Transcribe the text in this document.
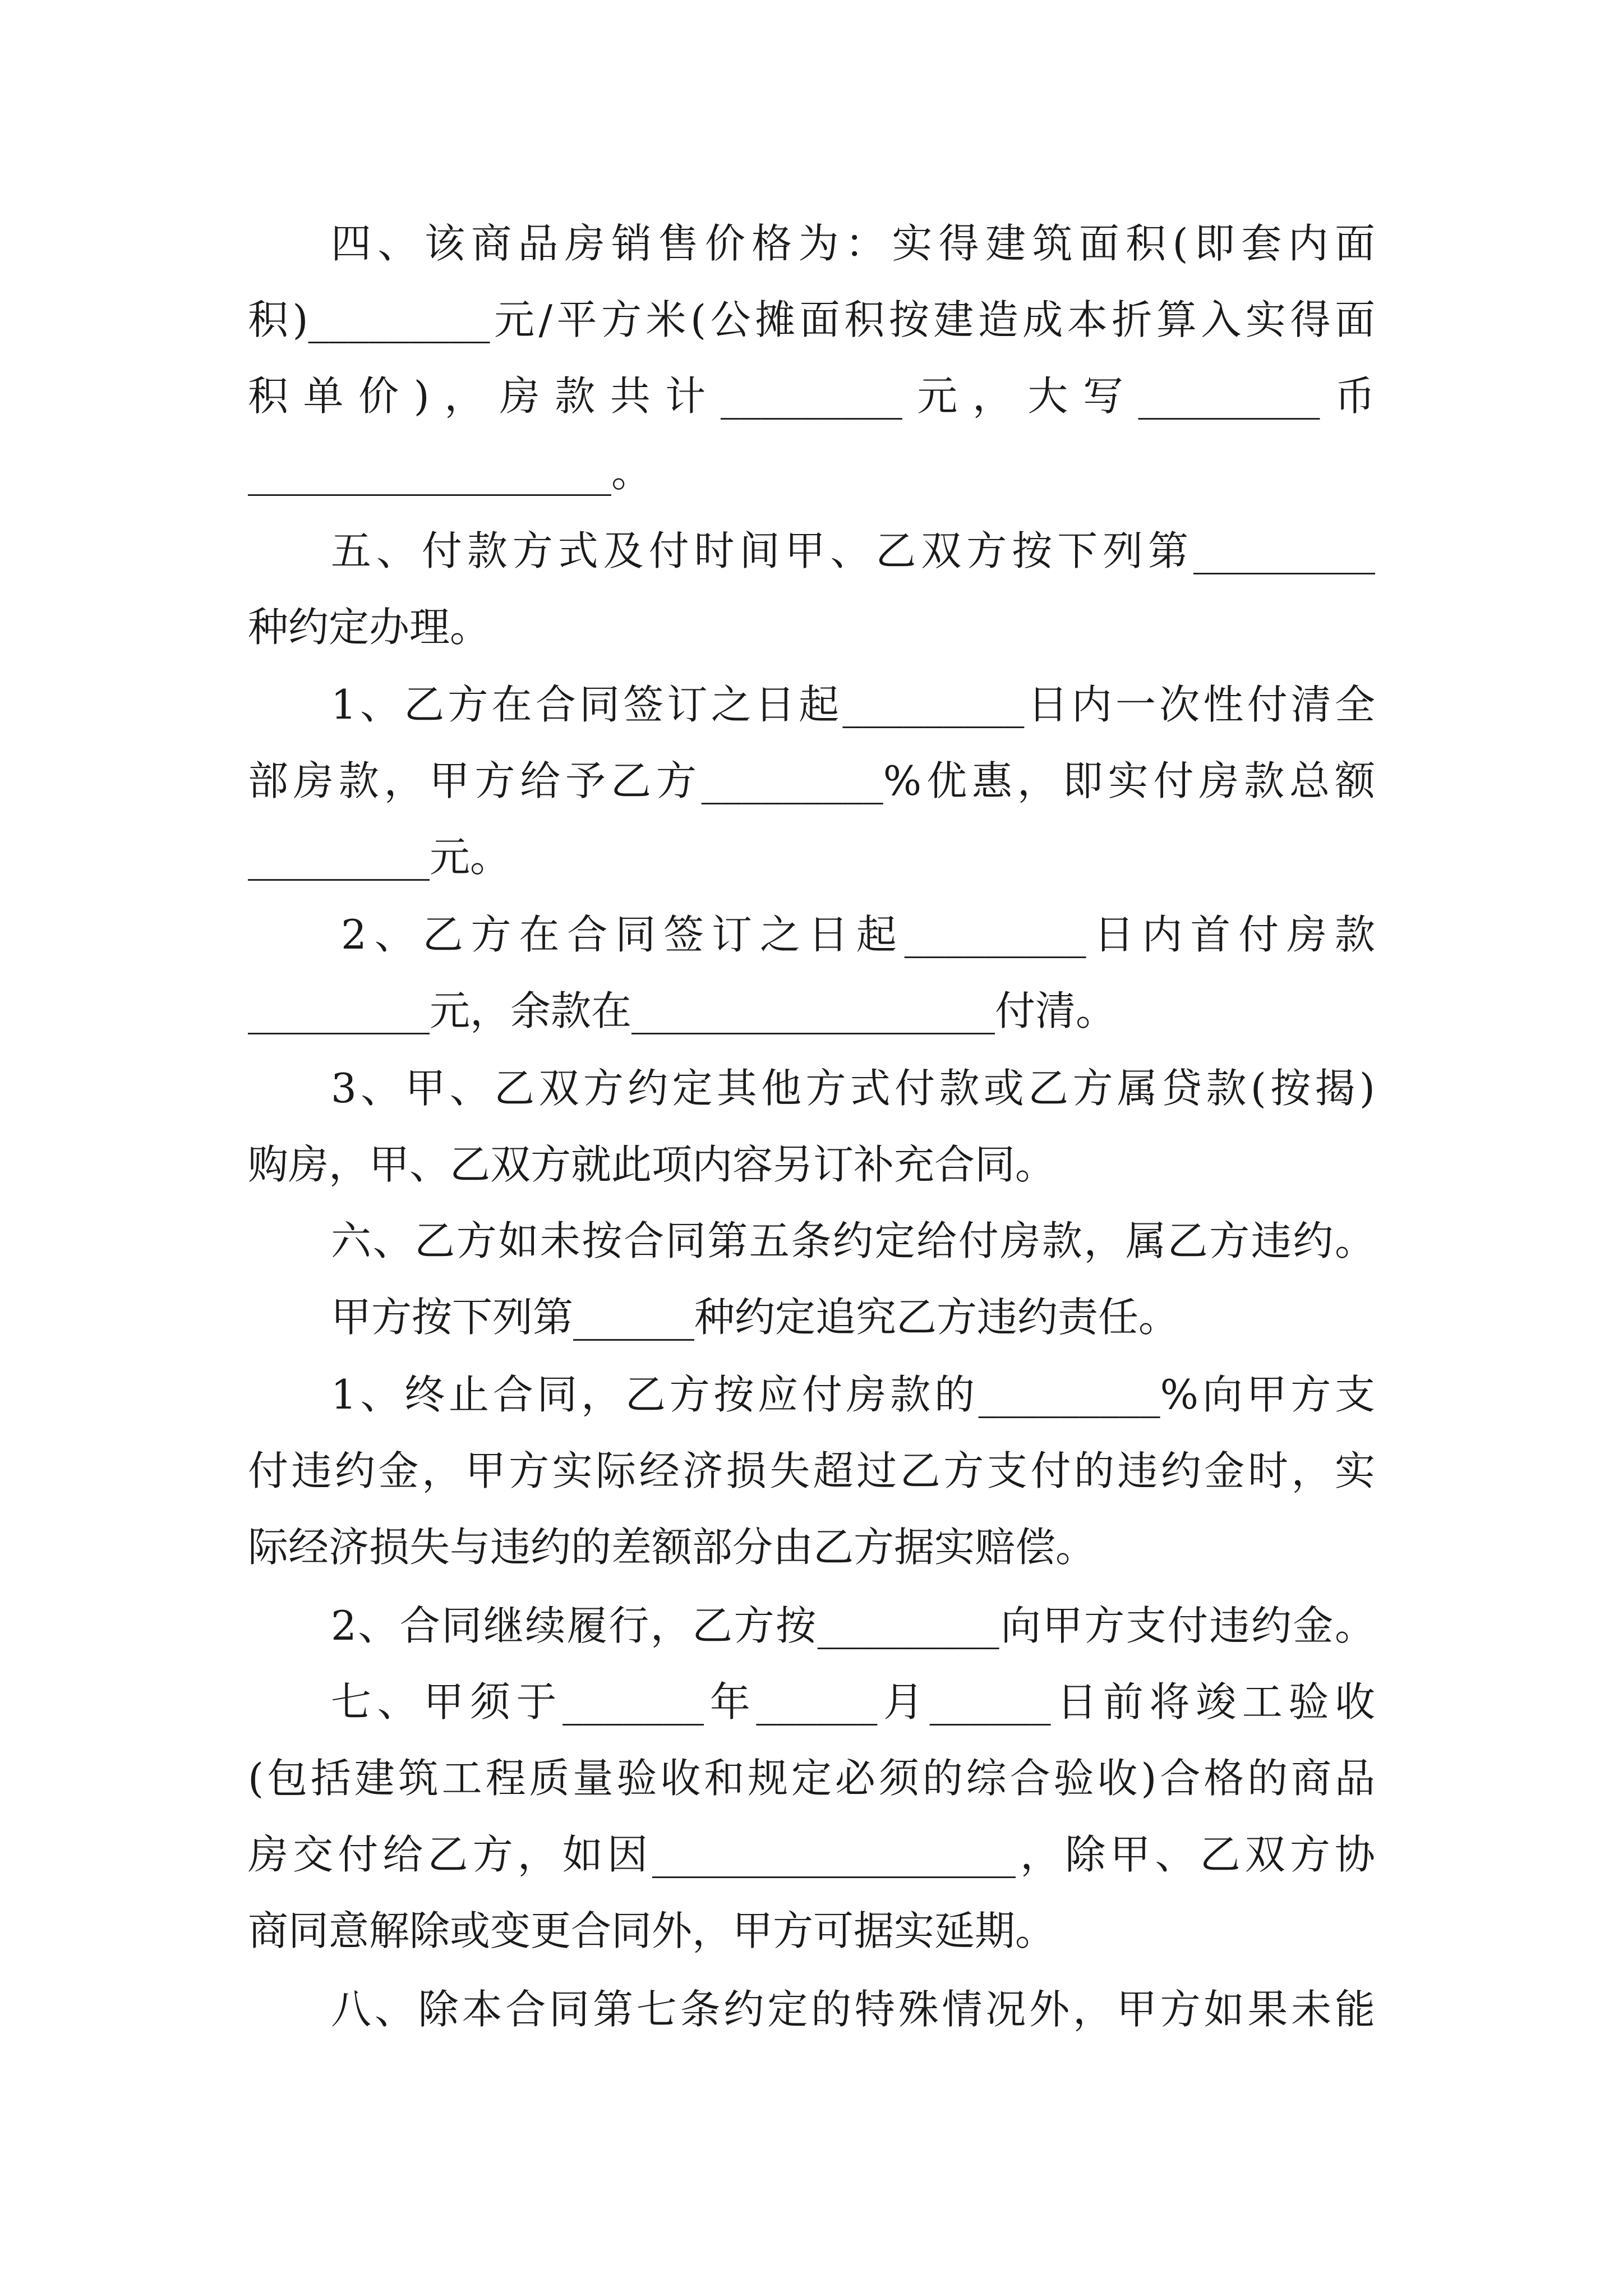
四、该商品房销售价格为：实得建筑面积(即套内面
积)_________元/平方米(公摊面积按建造成本折算入实得面
积单价)，房款共计_________元，大写_________币
__________________。
五、付款方式及付时间甲、乙双方按下列第_________
种约定办理。
1、乙方在合同签订之日起_________日内一次性付清全
部房款，甲方给予乙方_________%优惠，即实付房款总额
_________元。
2、乙方在合同签订之日起_________日内首付房款
_________元，余款在__________________付清。
3、甲、乙双方约定其他方式付款或乙方属贷款(按揭)
购房，甲、乙双方就此项内容另订补充合同。
六、乙方如未按合同第五条约定给付房款，属乙方违约。
甲方按下列第______种约定追究乙方违约责任。
1、终止合同，乙方按应付房款的_________%向甲方支
付违约金，甲方实际经济损失超过乙方支付的违约金时，实
际经济损失与违约的差额部分由乙方据实赔偿。
2、合同继续履行，乙方按_________向甲方支付违约金。
七、甲须于_______年______月______日前将竣工验收
(包括建筑工程质量验收和规定必须的综合验收)合格的商品
房交付给乙方，如因__________________，除甲、乙双方协
商同意解除或变更合同外，甲方可据实延期。
八、除本合同第七条约定的特殊情况外，甲方如果未能
